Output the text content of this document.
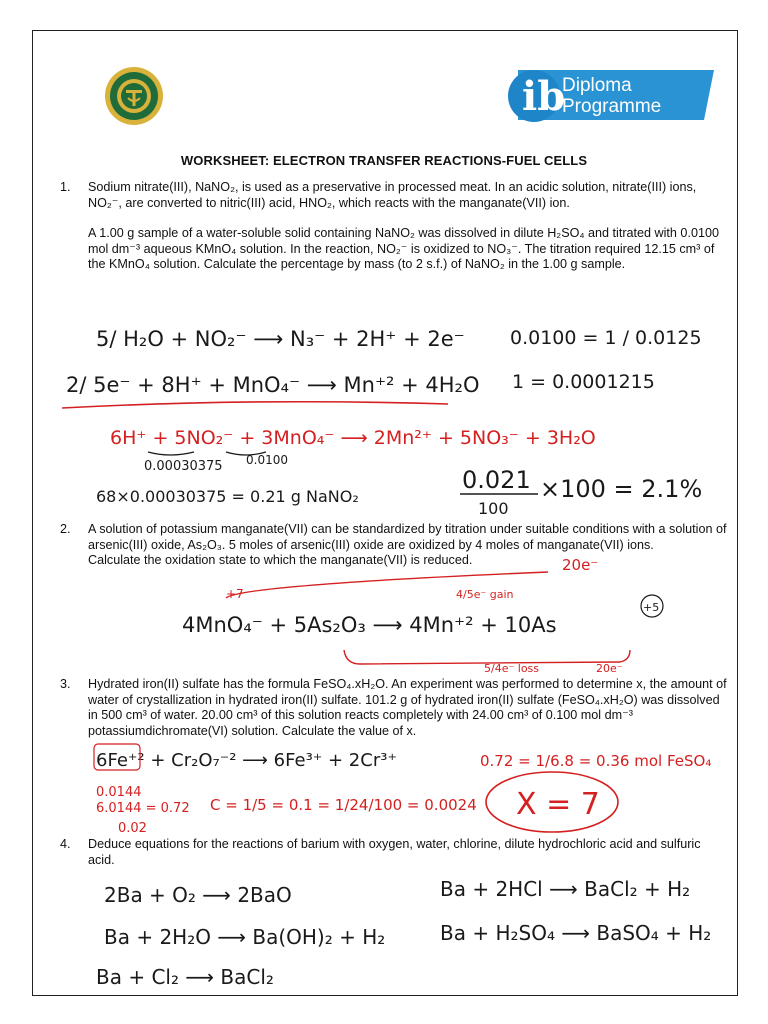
ib
Diploma
Programme
WORKSHEET: ELECTRON TRANSFER REACTIONS-FUEL CELLS
1.	Sodium nitrate(III), NaNO₂, is used as a preservative in processed meat. In an acidic solution, nitrate(III) ions, NO₂⁻, are converted to nitric(III) acid, HNO₂, which reacts with the manganate(VII) ion.

A 1.00 g sample of a water-soluble solid containing NaNO₂ was dissolved in dilute H₂SO₄ and titrated with 0.0100 mol dm⁻³ aqueous KMnO₄ solution. In the reaction, NO₂⁻ is oxidized to NO₃⁻. The titration required 12.15 cm³ of the KMnO₄ solution. Calculate the percentage by mass (to 2 s.f.) of NaNO₂ in the 1.00 g sample.

2.	A solution of potassium manganate(VII) can be standardized by titration under suitable conditions with a solution of arsenic(III) oxide, As₂O₃. 5 moles of arsenic(III) oxide are oxidized by 4 moles of manganate(VII) ions.

Calculate the oxidation state to which the manganate(VII) is reduced.

3.	Hydrated iron(II) sulfate has the formula FeSO₄.xH₂O. An experiment was performed to determine x, the amount of water of crystallization in hydrated iron(II) sulfate. 101.2 g of hydrated iron(II) sulfate (FeSO₄.xH₂O) was dissolved in 500 cm³ of water. 20.00 cm³ of this solution reacts completely with 24.00 cm³ of 0.100 mol dm⁻³ potassiumdichromate(VI) solution. Calculate the value of x.

4.	Deduce equations for the reactions of barium with oxygen, water, chlorine, dilute hydrochloric acid and sulfuric acid.

5/ H₂O + NO₂⁻ ⟶ N₃⁻ + 2H⁺ + 2e⁻
2/ 5e⁻ + 8H⁺ + MnO₄⁻ ⟶ Mn⁺² + 4H₂O
6H⁺ + 5NO₂⁻ + 3MnO₄⁻ ⟶ 2Mn²⁺ + 5NO₃⁻ + 3H₂O
0.00030375 0.0100
68×0.00030375 = 0.21 g NaNO₂
0.0100 = 1 / 0.0125
1 = 0.0001215
0.021
100
×100 = 2.1%
+7	4/5e⁻ gain
20e⁻
4MnO₄⁻ + 5As₂O₃ ⟶ 4Mn⁺² + 10As
+5
5/4e⁻ loss	20e⁻
6Fe⁺² + Cr₂O₇⁻² ⟶ 6Fe³⁺ + 2Cr³⁺	0.72 = 1/6.8 = 0.36 mol FeSO₄
0.0144
6.0144 = 0.72
0.02
C = 1/5 = 0.1 = 1/24/100 = 0.0024 X = 7
2Ba + O₂ ⟶ 2BaO	Ba + 2HCl ⟶ BaCl₂ + H₂
Ba + 2H₂O ⟶ Ba(OH)₂ + H₂	Ba + H₂SO₄ ⟶ BaSO₄ + H₂
Ba + Cl₂ ⟶ BaCl₂
